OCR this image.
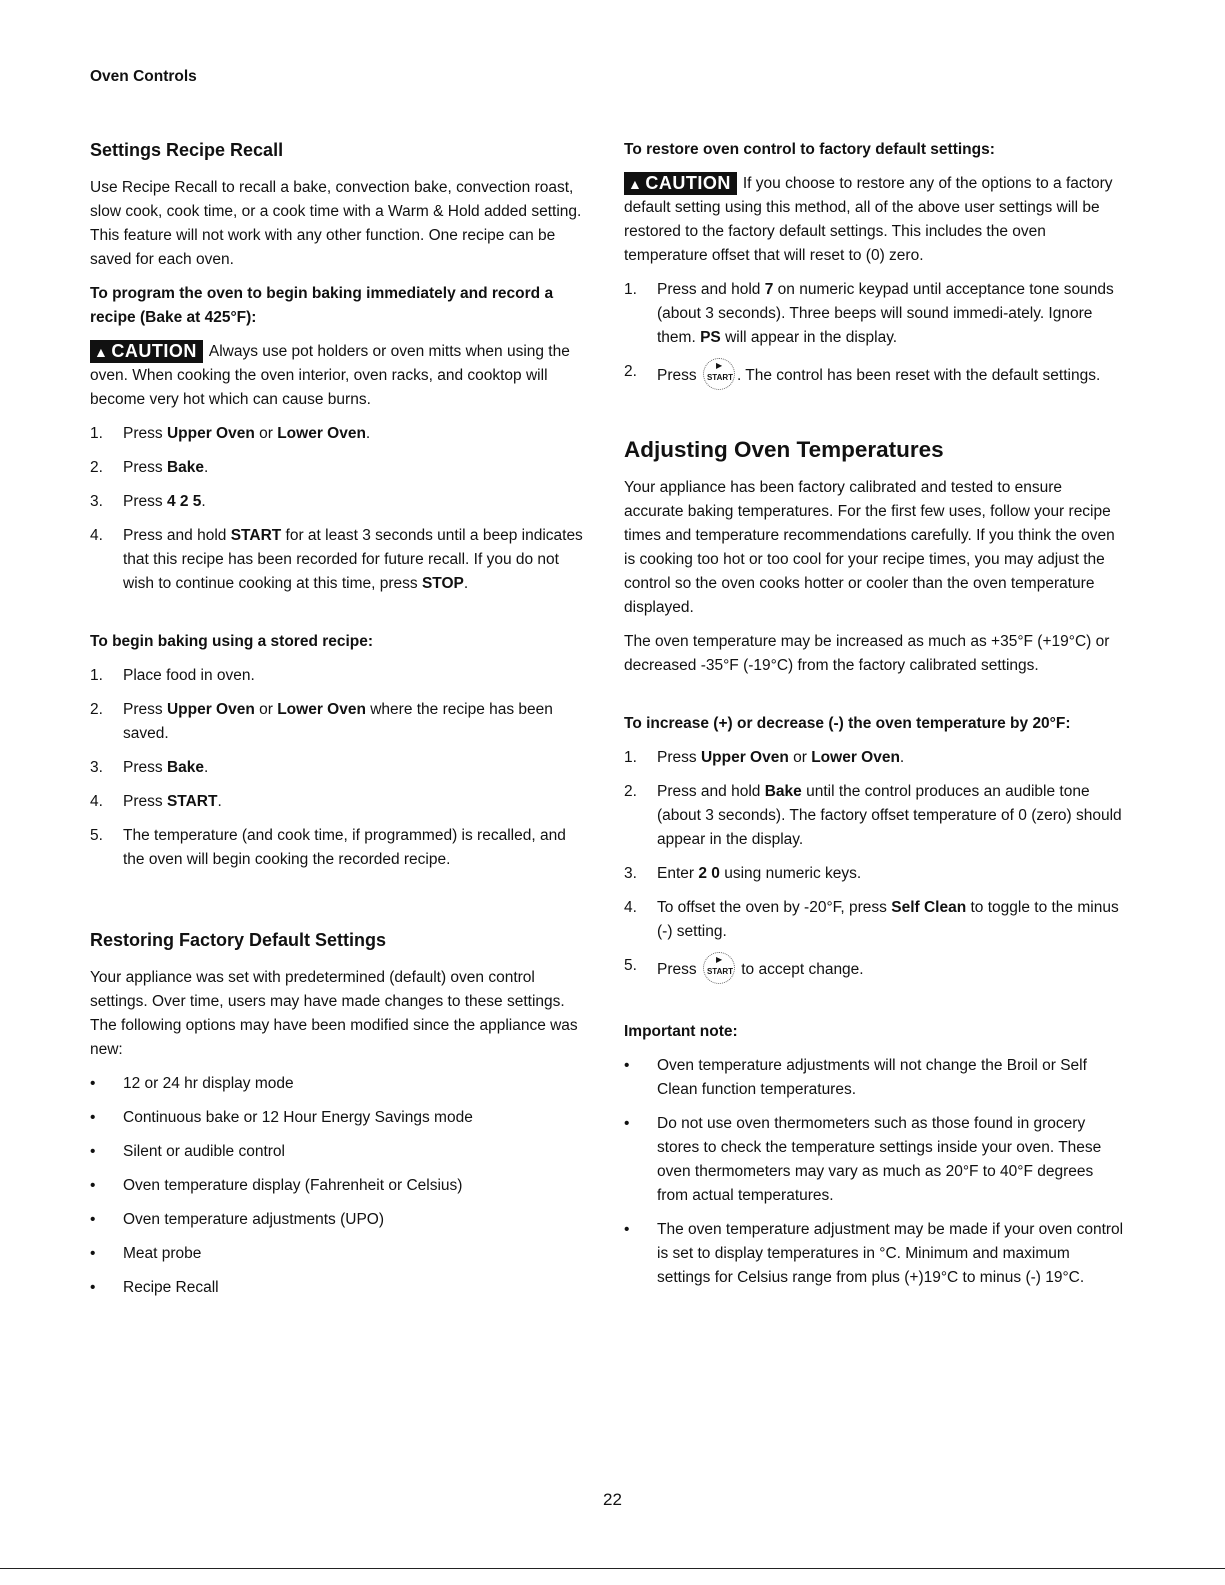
Oven Controls
Settings Recipe Recall

Use Recipe Recall to recall a bake, convection bake, convection roast, slow cook, cook time, or a cook time with a Warm & Hold added setting. This feature will not work with any other function. One recipe can be saved for each oven.

To program the oven to begin baking immediately and record a recipe (Bake at 425°F):

▲ CAUTION Always use pot holders or oven mitts when using the oven. When cooking the oven interior, oven racks, and cooktop will become very hot which can cause burns.

1. Press Upper Oven or Lower Oven.
2. Press Bake.
3. Press 4 2 5.
4. Press and hold START for at least 3 seconds until a beep indicates that this recipe has been recorded for future recall. If you do not wish to continue cooking at this time, press STOP.

To begin baking using a stored recipe:

1. Place food in oven.
2. Press Upper Oven or Lower Oven where the recipe has been saved.
3. Press Bake.
4. Press START.
5. The temperature (and cook time, if programmed) is recalled, and the oven will begin cooking the recorded recipe.
Restoring Factory Default Settings

Your appliance was set with predetermined (default) oven control settings. Over time, users may have made changes to these settings. The following options may have been modified since the appliance was new:

• 12 or 24 hr display mode
• Continuous bake or 12 Hour Energy Savings mode
• Silent or audible control
• Oven temperature display (Fahrenheit or Celsius)
• Oven temperature adjustments (UPO)
• Meat probe
• Recipe Recall

To restore oven control to factory default settings:

▲ CAUTION If you choose to restore any of the options to a factory default setting using this method, all of the above user settings will be restored to the factory default settings. This includes the oven temperature offset that will reset to (0) zero.

1. Press and hold 7 on numeric keypad until acceptance tone sounds (about 3 seconds). Three beeps will sound immedi-ately. Ignore them. PS will appear in the display.
2. Press
▶
START . The control has been reset with the default settings.
Adjusting Oven Temperatures

Your appliance has been factory calibrated and tested to ensure accurate baking temperatures. For the first few uses, follow your recipe times and temperature recommendations carefully. If you think the oven is cooking too hot or too cool for your recipe times, you may adjust the control so the oven cooks hotter or cooler than the oven temperature displayed.

The oven temperature may be increased as much as +35°F (+19°C) or decreased -35°F (-19°C) from the factory calibrated settings.

To increase (+) or decrease (-) the oven temperature by 20°F:

1. Press Upper Oven or Lower Oven.
2. Press and hold Bake until the control produces an audible tone (about 3 seconds). The factory offset temperature of 0 (zero) should appear in the display.
3. Enter 2 0 using numeric keys.
4. To offset the oven by -20°F, press Self Clean to toggle to the minus (-) setting.
5. Press
▶
START to accept change.

Important note:

• Oven temperature adjustments will not change the Broil or Self Clean function temperatures.
• Do not use oven thermometers such as those found in grocery stores to check the temperature settings inside your oven. These oven thermometers may vary as much as 20°F to 40°F degrees from actual temperatures.
• The oven temperature adjustment may be made if your oven control is set to display temperatures in °C. Minimum and maximum settings for Celsius range from plus (+)19°C to minus (-) 19°C.
22
